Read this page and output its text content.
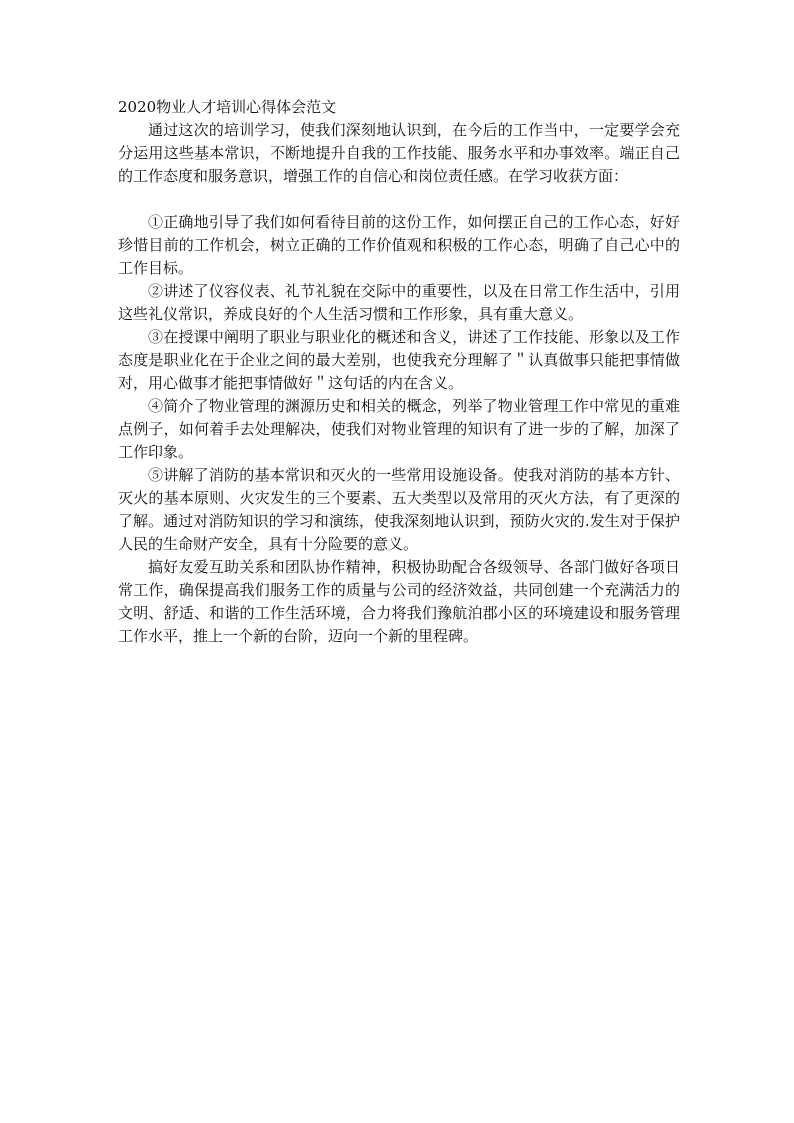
2020物业人才培训心得体会范文

通过这次的培训学习，使我们深刻地认识到，在今后的工作当中，一定要学会充分运用这些基本常识，不断地提升自我的工作技能、服务水平和办事效率。端正自己的工作态度和服务意识，增强工作的自信心和岗位责任感。在学习收获方面：

①正确地引导了我们如何看待目前的这份工作，如何摆正自己的工作心态，好好珍惜目前的工作机会，树立正确的工作价值观和积极的工作心态，明确了自己心中的工作目标。

②讲述了仪容仪表、礼节礼貌在交际中的重要性，以及在日常工作生活中，引用这些礼仪常识，养成良好的个人生活习惯和工作形象，具有重大意义。

③在授课中阐明了职业与职业化的概述和含义，讲述了工作技能、形象以及工作态度是职业化在于企业之间的最大差别，也使我充分理解了＂认真做事只能把事情做对，用心做事才能把事情做好＂这句话的内在含义。

④简介了物业管理的渊源历史和相关的概念，列举了物业管理工作中常见的重难点例子，如何着手去处理解决，使我们对物业管理的知识有了进一步的了解，加深了工作印象。

⑤讲解了消防的基本常识和灭火的一些常用设施设备。使我对消防的基本方针、灭火的基本原则、火灾发生的三个要素、五大类型以及常用的灭火方法，有了更深的了解。通过对消防知识的学习和演练，使我深刻地认识到，预防火灾的.发生对于保护人民的生命财产安全，具有十分险要的意义。

搞好友爱互助关系和团队协作精神，积极协助配合各级领导、各部门做好各项日常工作，确保提高我们服务工作的质量与公司的经济效益，共同创建一个充满活力的文明、舒适、和谐的工作生活环境，合力将我们豫航泊郡小区的环境建设和服务管理工作水平，推上一个新的台阶，迈向一个新的里程碑。
